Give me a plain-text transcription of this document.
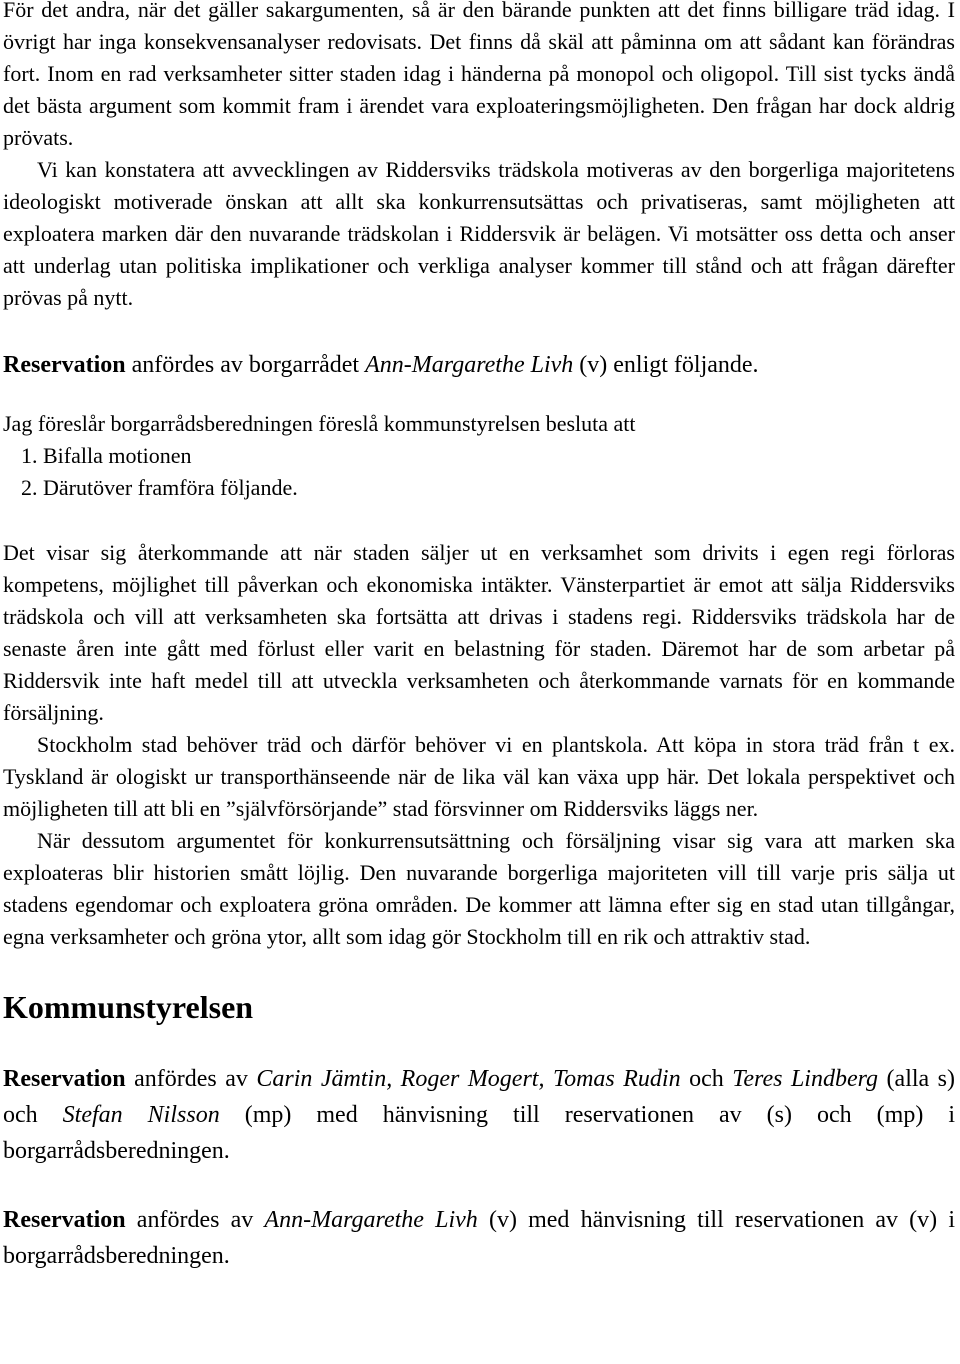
För det andra, när det gäller sakargumenten, så är den bärande punkten att det finns billigare träd idag. I övrigt har inga konsekvensanalyser redovisats. Det finns då skäl att påminna om att sådant kan förändras fort. Inom en rad verksamheter sitter staden idag i händerna på monopol och oligopol. Till sist tycks ändå det bästa argument som kommit fram i ärendet vara exploateringsmöjligheten. Den frågan har dock aldrig prövats.

Vi kan konstatera att avvecklingen av Riddersviks trädskola motiveras av den borgerliga majoritetens ideologiskt motiverade önskan att allt ska konkurrensutsättas och privatiseras, samt möjligheten att exploatera marken där den nuvarande trädskolan i Riddersvik är belägen. Vi motsätter oss detta och anser att underlag utan politiska implikationer och verkliga analyser kommer till stånd och att frågan därefter prövas på nytt.

Reservation anfördes av borgarrådet Ann-Margarethe Livh (v) enligt följande.

Jag föreslår borgarrådsberedningen föreslå kommunstyrelsen besluta att

1. Bifalla motionen
2. Därutöver framföra följande.

Det visar sig återkommande att när staden säljer ut en verksamhet som drivits i egen regi förloras kompetens, möjlighet till påverkan och ekonomiska intäkter. Vänsterpartiet är emot att sälja Riddersviks trädskola och vill att verksamheten ska fortsätta att drivas i stadens regi. Riddersviks trädskola har de senaste åren inte gått med förlust eller varit en belastning för staden. Däremot har de som arbetar på Riddersvik inte haft medel till att utveckla verksamheten och återkommande varnats för en kommande försäljning.

Stockholm stad behöver träd och därför behöver vi en plantskola. Att köpa in stora träd från t ex. Tyskland är ologiskt ur transporthänseende när de lika väl kan växa upp här. Det lokala perspektivet och möjligheten till att bli en ”självförsörjande” stad försvinner om Riddersviks läggs ner.

När dessutom argumentet för konkurrensutsättning och försäljning visar sig vara att marken ska exploateras blir historien smått löjlig. Den nuvarande borgerliga majoriteten vill till varje pris sälja ut stadens egendomar och exploatera gröna områden. De kommer att lämna efter sig en stad utan tillgångar, egna verksamheter och gröna ytor, allt som idag gör Stockholm till en rik och attraktiv stad.

Kommunstyrelsen

Reservation anfördes av Carin Jämtin, Roger Mogert, Tomas Rudin och Teres Lindberg (alla s) och Stefan Nilsson (mp) med hänvisning till reservationen av (s) och (mp) i borgarrådsberedningen.

Reservation anfördes av Ann-Margarethe Livh (v) med hänvisning till reservationen av (v) i borgarrådsberedningen.
